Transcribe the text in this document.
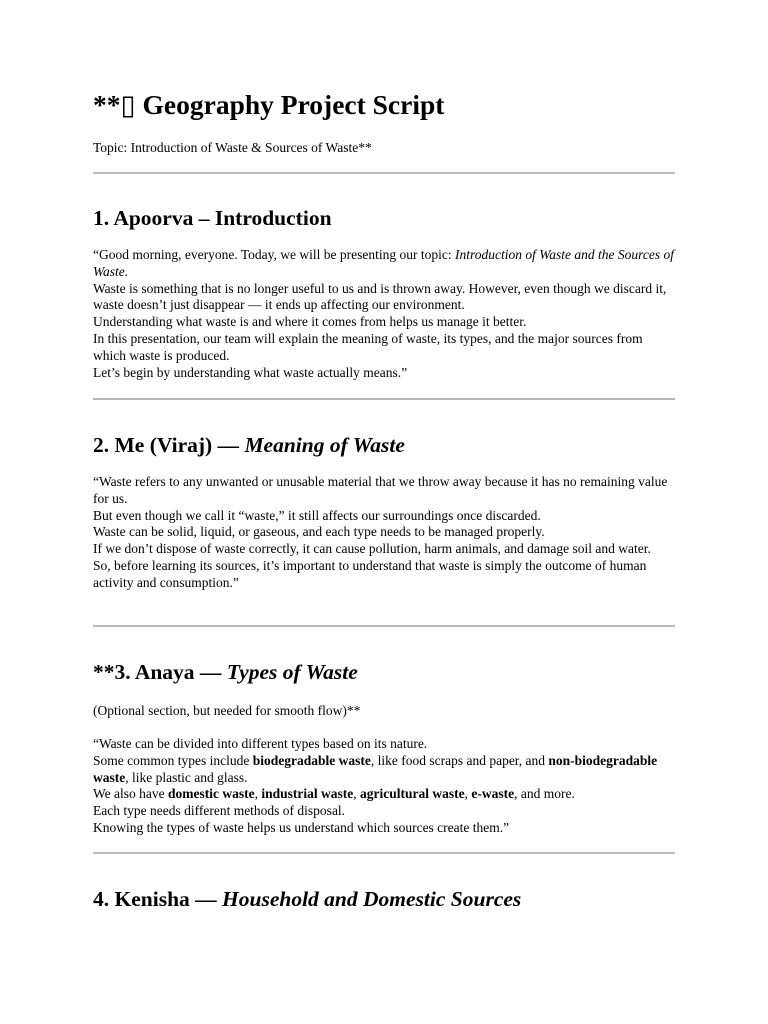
**▯ Geography Project Script

Topic: Introduction of Waste & Sources of Waste**

1. Apoorva – Introduction
“Good morning, everyone. Today, we will be presenting our topic: Introduction of Waste and the Sources of Waste.
Waste is something that is no longer useful to us and is thrown away. However, even though we discard it, waste doesn’t just disappear — it ends up affecting our environment.
Understanding what waste is and where it comes from helps us manage it better.
In this presentation, our team will explain the meaning of waste, its types, and the major sources from which waste is produced.
Let’s begin by understanding what waste actually means.”
2. Me (Viraj) — Meaning of Waste
“Waste refers to any unwanted or unusable material that we throw away because it has no remaining value for us.
But even though we call it “waste,” it still affects our surroundings once discarded.
Waste can be solid, liquid, or gaseous, and each type needs to be managed properly.
If we don’t dispose of waste correctly, it can cause pollution, harm animals, and damage soil and water.
So, before learning its sources, it’s important to understand that waste is simply the outcome of human activity and consumption.”
**3. Anaya — Types of Waste

(Optional section, but needed for smooth flow)**

“Waste can be divided into different types based on its nature.
Some common types include biodegradable waste, like food scraps and paper, and non-biodegradable waste, like plastic and glass.
We also have domestic waste, industrial waste, agricultural waste, e-waste, and more.
Each type needs different methods of disposal.
Knowing the types of waste helps us understand which sources create them.”
4. Kenisha — Household and Domestic Sources
